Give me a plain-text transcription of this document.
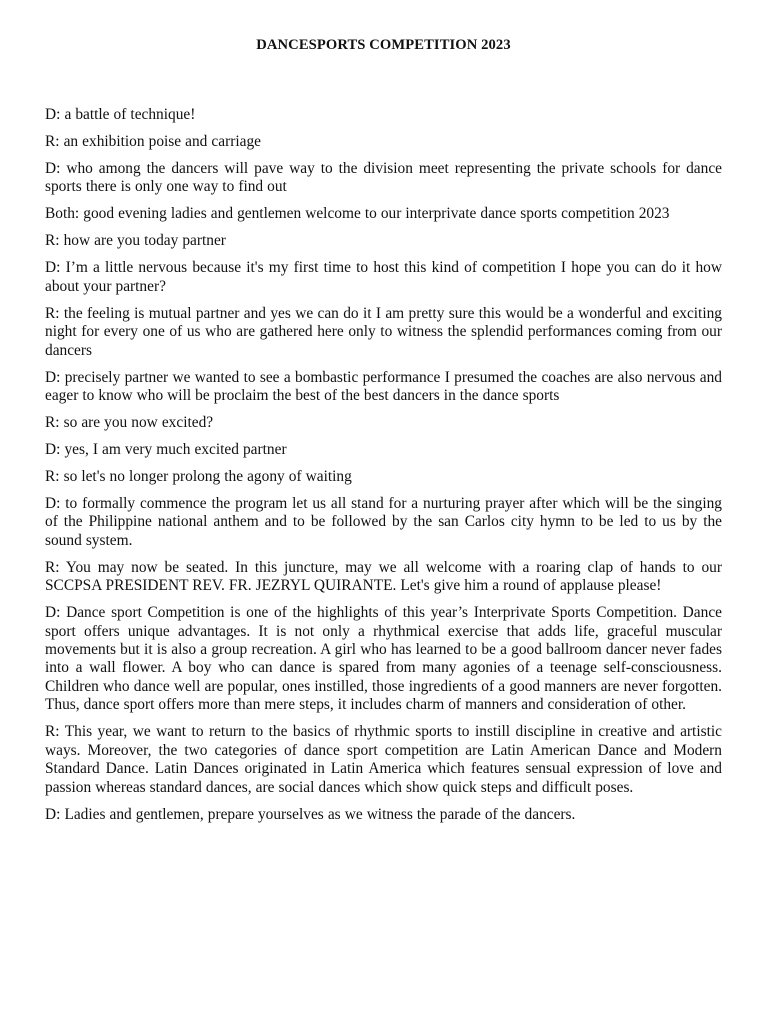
DANCESPORTS COMPETITION 2023

D: a battle of technique!

R: an exhibition poise and carriage

D: who among the dancers will pave way to the division meet representing the private schools for dance sports there is only one way to find out

Both: good evening ladies and gentlemen welcome to our interprivate dance sports competition 2023

R: how are you today partner

D: I’m a little nervous because it's my first time to host this kind of competition I hope you can do it how about your partner?

R: the feeling is mutual partner and yes we can do it I am pretty sure this would be a wonderful and exciting night for every one of us who are gathered here only to witness the splendid performances coming from our dancers

D: precisely partner we wanted to see a bombastic performance I presumed the coaches are also nervous and eager to know who will be proclaim the best of the best dancers in the dance sports

R: so are you now excited?

D: yes, I am very much excited partner

R: so let's no longer prolong the agony of waiting

D: to formally commence the program let us all stand for a nurturing prayer after which will be the singing of the Philippine national anthem and to be followed by the san Carlos city hymn to be led to us by the sound system.

R: You may now be seated. In this juncture, may we all welcome with a roaring clap of hands to our SCCPSA PRESIDENT REV. FR. JEZRYL QUIRANTE. Let's give him a round of applause please!

D: Dance sport Competition is one of the highlights of this year’s Interprivate Sports Competition. Dance sport offers unique advantages. It is not only a rhythmical exercise that adds life, graceful muscular movements but it is also a group recreation. A girl who has learned to be a good ballroom dancer never fades into a wall flower. A boy who can dance is spared from many agonies of a teenage self-consciousness. Children who dance well are popular, ones instilled, those ingredients of a good manners are never forgotten. Thus, dance sport offers more than mere steps, it includes charm of manners and consideration of other.

R: This year, we want to return to the basics of rhythmic sports to instill discipline in creative and artistic ways. Moreover, the two categories of dance sport competition are Latin American Dance and Modern Standard Dance. Latin Dances originated in Latin America which features sensual expression of love and passion whereas standard dances, are social dances which show quick steps and difficult poses.

D: Ladies and gentlemen, prepare yourselves as we witness the parade of the dancers.
